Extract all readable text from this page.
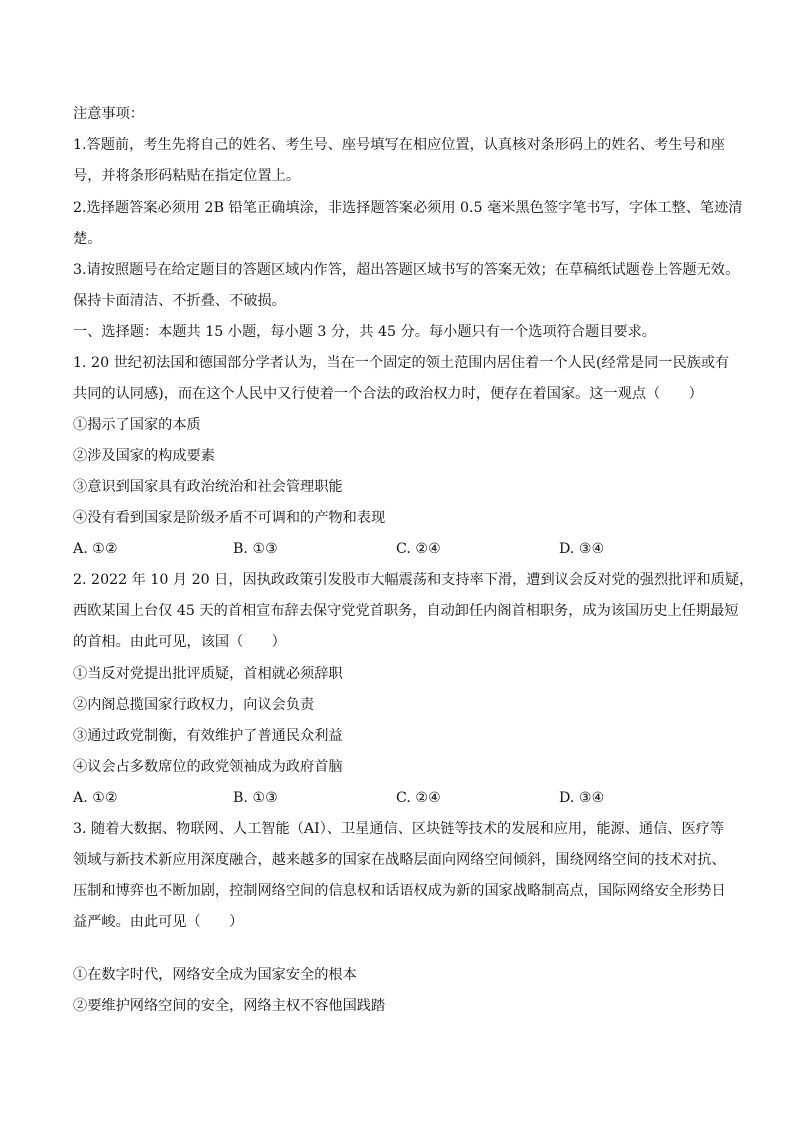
注意事项：
1.答题前，考生先将自己的姓名、考生号、座号填写在相应位置，认真核对条形码上的姓名、考生号和座
号，并将条形码粘贴在指定位置上。
2.选择题答案必须用 2B 铅笔正确填涂，非选择题答案必须用 0.5 毫米黑色签字笔书写，字体工整、笔迹清
楚。
3.请按照题号在给定题目的答题区域内作答，超出答题区域书写的答案无效；在草稿纸试题卷上答题无效。
保持卡面清洁、不折叠、不破损。
一、选择题：本题共 15 小题，每小题 3 分，共 45 分。每小题只有一个选项符合题目要求。
1. 20 世纪初法国和德国部分学者认为，当在一个固定的领土范围内居住着一个人民(经常是同一民族或有
共同的认同感)，而在这个人民中又行使着一个合法的政治权力时，便存在着国家。这一观点（　　）
①揭示了国家的本质
②涉及国家的构成要素
③意识到国家具有政治统治和社会管理职能
④没有看到国家是阶级矛盾不可调和的产物和表现
A. ①②	B. ①③	C. ②④	D. ③④
2. 2022 年 10 月 20 日，因执政政策引发股市大幅震荡和支持率下滑，遭到议会反对党的强烈批评和质疑，
西欧某国上台仅 45 天的首相宣布辞去保守党党首职务，自动卸任内阁首相职务，成为该国历史上任期最短
的首相。由此可见，该国（　　）
①当反对党提出批评质疑，首相就必须辞职
②内阁总揽国家行政权力，向议会负责
③通过政党制衡，有效维护了普通民众利益
④议会占多数席位的政党领袖成为政府首脑
A. ①②	B. ①③	C. ②④	D. ③④
3. 随着大数据、物联网、人工智能（AI）、卫星通信、区块链等技术的发展和应用，能源、通信、医疗等
领域与新技术新应用深度融合，越来越多的国家在战略层面向网络空间倾斜，围绕网络空间的技术对抗、
压制和博弈也不断加剧，控制网络空间的信息权和话语权成为新的国家战略制高点，国际网络安全形势日
益严峻。由此可见（　　）
①在数字时代，网络安全成为国家安全的根本
②要维护网络空间的安全，网络主权不容他国践踏
